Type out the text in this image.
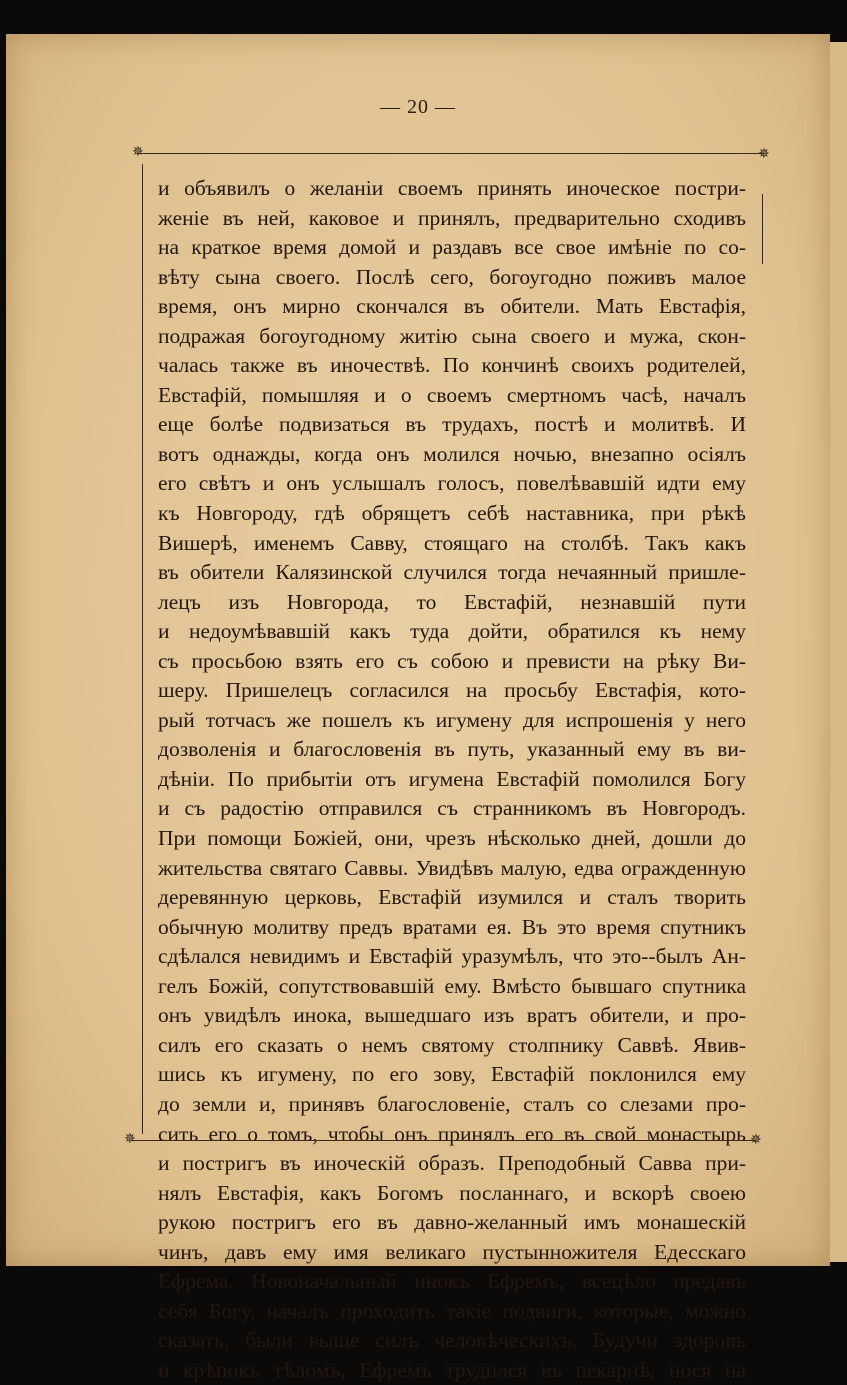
— 20 —
✵	✵
и объявилъ о желанiи своемъ принять иноческое постри-
женiе въ ней, каковое и принялъ, предварительно сходивъ
на краткое время домой и раздавъ все свое имѣнiе по со-
вѣту сына своего. Послѣ сего, богоугодно поживъ малое
время, онъ мирно скончался въ обители. Мать Евстафiя,
подражая богоугодному житiю сына своего и мужа, скон-
чалась также въ иночествѣ. По кончинѣ своихъ родителей,
Евстафiй, помышляя и о своемъ смертномъ часѣ, началъ
еще болѣе подвизаться въ трудахъ, постѣ и молитвѣ. И
вотъ однажды, когда онъ молился ночью, внезапно осiялъ
его свѣтъ и онъ услышалъ голосъ, повелѣвавшiй идти ему
къ Новгороду, гдѣ обрящетъ себѣ наставника, при рѣкѣ
Вишерѣ, именемъ Савву, стоящаго на столбѣ. Такъ какъ
въ обители Калязинской случился тогда нечаянный пришле-
лецъ изъ Новгорода, то Евстафiй, незнавшiй пути
и недоумѣвавшiй какъ туда дойти, обратился къ нему
съ просьбою взять его съ собою и превисти на рѣку Ви-
шеру. Пришелецъ согласился на просьбу Евстафiя, кото-
рый тотчасъ же пошелъ къ игумену для испрошенiя у него
дозволенiя и благословенiя въ путь, указанный ему въ ви-
дѣнiи. По прибытiи отъ игумена Евстафiй помолился Богу
и съ радостiю отправился съ странникомъ въ Новгородъ.
При помощи Божiей, они, чрезъ нѣсколько дней, дошли до
жительства святаго Саввы. Увидѣвъ малую, едва огражденную
деревянную церковь, Евстафiй изумился и сталъ творить
обычную молитву предъ вратами ея. Въ это время спутникъ
сдѣлался невидимъ и Евстафiй уразумѣлъ, что это--былъ Ан-
гелъ Божiй, сопутствовавшiй ему. Вмѣсто бывшаго спутника
онъ увидѣлъ инока, вышедшаго изъ вратъ обители, и про-
силъ его сказать о немъ святому столпнику Саввѣ. Явив-
шись къ игумену, по его зову, Евстафiй поклонился ему
до земли и, принявъ благословенiе, сталъ со слезами про-
сить его о томъ, чтобы онъ принялъ его въ свой монастырь
и постригъ въ иноческiй образъ. Преподобный Савва при-
нялъ Евстафiя, какъ Богомъ посланнаго, и вскорѣ своею
рукою постригъ его въ давно-желанный имъ монашескiй
чинъ, давъ ему имя великаго пустынножителя Едесскаго
Ефрема. Новоначальный инокъ Ефремъ, всецѣло предавъ
себя Богу, началъ проходить такiе подвиги, которые, можно
сказать, были выше силъ человѣческихъ. Будучи здоровъ
и крѣпокъ тѣломъ, Ефремъ трудился въ пекарнѣ, нося на
✵	✵
